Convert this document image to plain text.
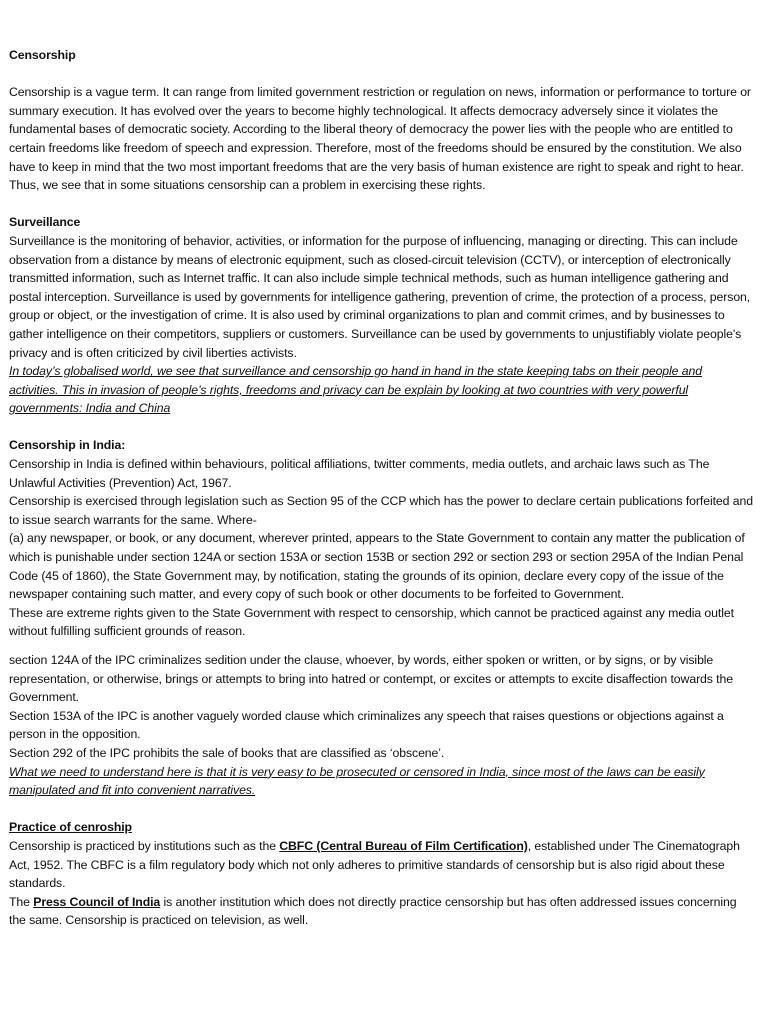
Censorship

Censorship is a vague term. It can range from limited government restriction or regulation on news, information or performance to torture or summary execution. It has evolved over the years to become highly technological. It affects democracy adversely since it violates the fundamental bases of democratic society. According to the liberal theory of democracy the power lies with the people who are entitled to certain freedoms like freedom of speech and expression. Therefore, most of the freedoms should be ensured by the constitution. We also have to keep in mind that the two most important freedoms that are the very basis of human existence are right to speak and right to hear. Thus, we see that in some situations censorship can a problem in exercising these rights.

Surveillance

Surveillance is the monitoring of behavior, activities, or information for the purpose of influencing, managing or directing. This can include observation from a distance by means of electronic equipment, such as closed-circuit television (CCTV), or interception of electronically transmitted information, such as Internet traffic. It can also include simple technical methods, such as human intelligence gathering and postal interception. Surveillance is used by governments for intelligence gathering, prevention of crime, the protection of a process, person, group or object, or the investigation of crime. It is also used by criminal organizations to plan and commit crimes, and by businesses to gather intelligence on their competitors, suppliers or customers. Surveillance can be used by governments to unjustifiably violate people's privacy and is often criticized by civil liberties activists.

In today’s globalised world, we see that surveillance and censorship go hand in hand in the state keeping tabs on their people and activities. This in invasion of people’s rights, freedoms and privacy can be explain by looking at two countries with very powerful governments: India and China

Censorship in India:

Censorship in India is defined within behaviours, political affiliations, twitter comments, media outlets, and archaic laws such as The Unlawful Activities (Prevention) Act, 1967.

Censorship is exercised through legislation such as Section 95 of the CCP which has the power to declare certain publications forfeited and to issue search warrants for the same. Where-

(a) any newspaper, or book, or any document, wherever printed, appears to the State Government to contain any matter the publication of which is punishable under section 124A or section 153A or section 153B or section 292 or section 293 or section 295A of the Indian Penal Code (45 of 1860), the State Government may, by notification, stating the grounds of its opinion, declare every copy of the issue of the newspaper containing such matter, and every copy of such book or other documents to be forfeited to Government.

These are extreme rights given to the State Government with respect to censorship, which cannot be practiced against any media outlet without fulfilling sufficient grounds of reason.

section 124A of the IPC criminalizes sedition under the clause, whoever, by words, either spoken or written, or by signs, or by visible representation, or otherwise, brings or attempts to bring into hatred or contempt, or excites or attempts to excite disaffection towards the Government.

Section 153A of the IPC is another vaguely worded clause which criminalizes any speech that raises questions or objections against a person in the opposition.

Section 292 of the IPC prohibits the sale of books that are classified as ‘obscene’.

What we need to understand here is that it is very easy to be prosecuted or censored in India, since most of the laws can be easily manipulated and fit into convenient narratives.

Practice of cenroship

Censorship is practiced by institutions such as the CBFC (Central Bureau of Film Certification), established under The Cinematograph Act, 1952. The CBFC is a film regulatory body which not only adheres to primitive standards of censorship but is also rigid about these standards.

The Press Council of India is another institution which does not directly practice censorship but has often addressed issues concerning the same. Censorship is practiced on television, as well.
